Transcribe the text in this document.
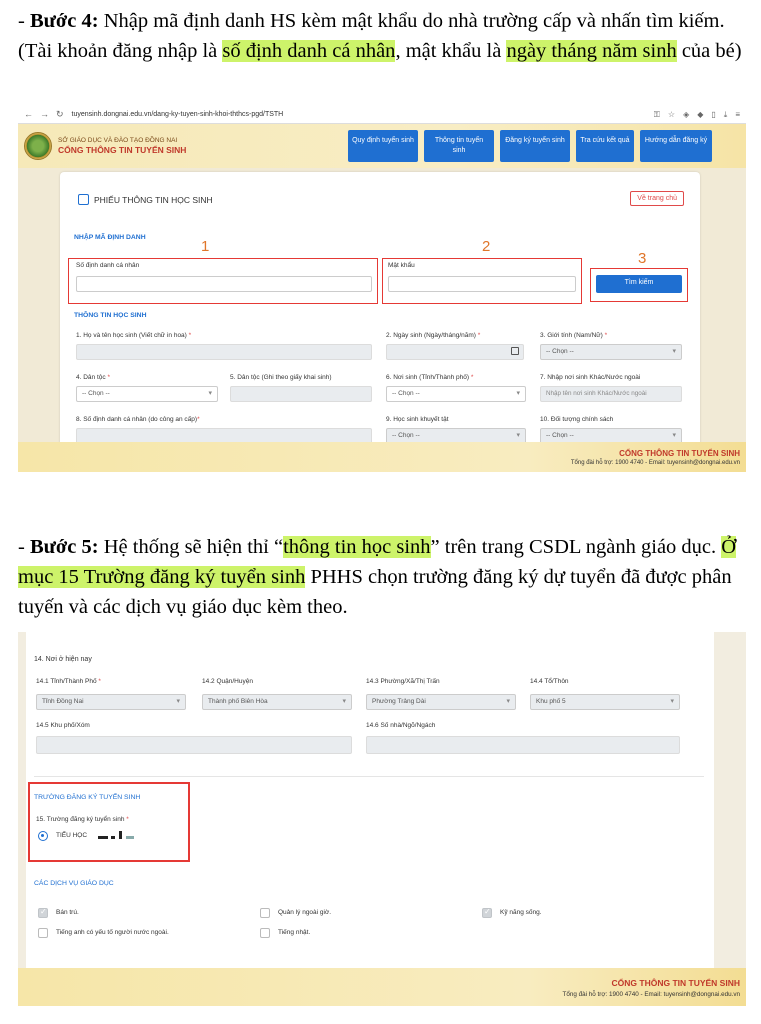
- Bước 4: Nhập mã định danh HS kèm mật khẩu do nhà trường cấp và nhấn tìm kiếm. (Tài khoản đăng nhập là số định danh cá nhân, mật khẩu là ngày tháng năm sinh của bé)

← → ↻ tuyensinh.dongnai.edu.vn/dang-ky-tuyen-sinh-khoi-ththcs-pgd/TSTH	⚿ ☆ ◈ ◆ ▯ ⤓ ≡
SỞ GIÁO DỤC VÀ ĐÀO TẠO ĐỒNG NAI
CỔNG THÔNG TIN TUYỂN SINH
Quy định tuyển sinh	Thông tin tuyển sinh
Đăng ký tuyển sinh	Tra cứu kết quả	Hướng dẫn đăng ký
PHIẾU THÔNG TIN HỌC SINH	Về trang chủ
NHẬP MÃ ĐỊNH DANH
1	2
3
Số định danh cá nhân	Mật khẩu
Tìm kiếm
THÔNG TIN HỌC SINH
1. Họ và tên học sinh (Viết chữ in hoa) *	2. Ngày sinh (Ngày/tháng/năm) *	3. Giới tính (Nam/Nữ) *
-- Chọn -- ▾
4. Dân tộc *
-- Chọn -- ▾
5. Dân tộc (Ghi theo giấy khai sinh)	6. Nơi sinh (Tỉnh/Thành phố) *
-- Chọn -- ▾
7. Nhập nơi sinh Khác/Nước ngoài
Nhập tên nơi sinh Khác/Nước ngoài
8. Số định danh cá nhân (do công an cấp)*	9. Học sinh khuyết tật
-- Chọn -- ▾
10. Đối tượng chính sách
-- Chọn -- ▾
CỔNG THÔNG TIN TUYỂN SINH
Tổng đài hỗ trợ: 1900 4740 - Email: tuyensinh@dongnai.edu.vn

- Bước 5: Hệ thống sẽ hiện thỉ “thông tin học sinh” trên trang CSDL ngành giáo dục. Ở mục 15 Trường đăng ký tuyển sinh PHHS chọn trường đăng ký dự tuyển đã được phân tuyến và các dịch vụ giáo dục kèm theo.

14. Nơi ở hiện nay
14.1 Tỉnh/Thành Phố *
Tỉnh Đồng Nai ▾
14.2 Quận/Huyện
Thành phố Biên Hòa ▾
14.3 Phường/Xã/Thị Trấn
Phường Trảng Dài ▾
14.4 Tổ/Thôn
Khu phố 5 ▾
14.5 Khu phố/Xóm	14.6 Số nhà/Ngõ/Ngách
TRƯỜNG ĐĂNG KÝ TUYỂN SINH
15. Trường đăng ký tuyển sinh *
TIỂU HỌC
CÁC DỊCH VỤ GIÁO DỤC
✓
Bán trú.	Quản lý ngoài giờ.
✓	Kỹ năng sống.
Tiếng anh có yếu tố người nước ngoài.	Tiếng nhật.
CỔNG THÔNG TIN TUYỂN SINH
Tổng đài hỗ trợ: 1900 4740 - Email: tuyensinh@dongnai.edu.vn
